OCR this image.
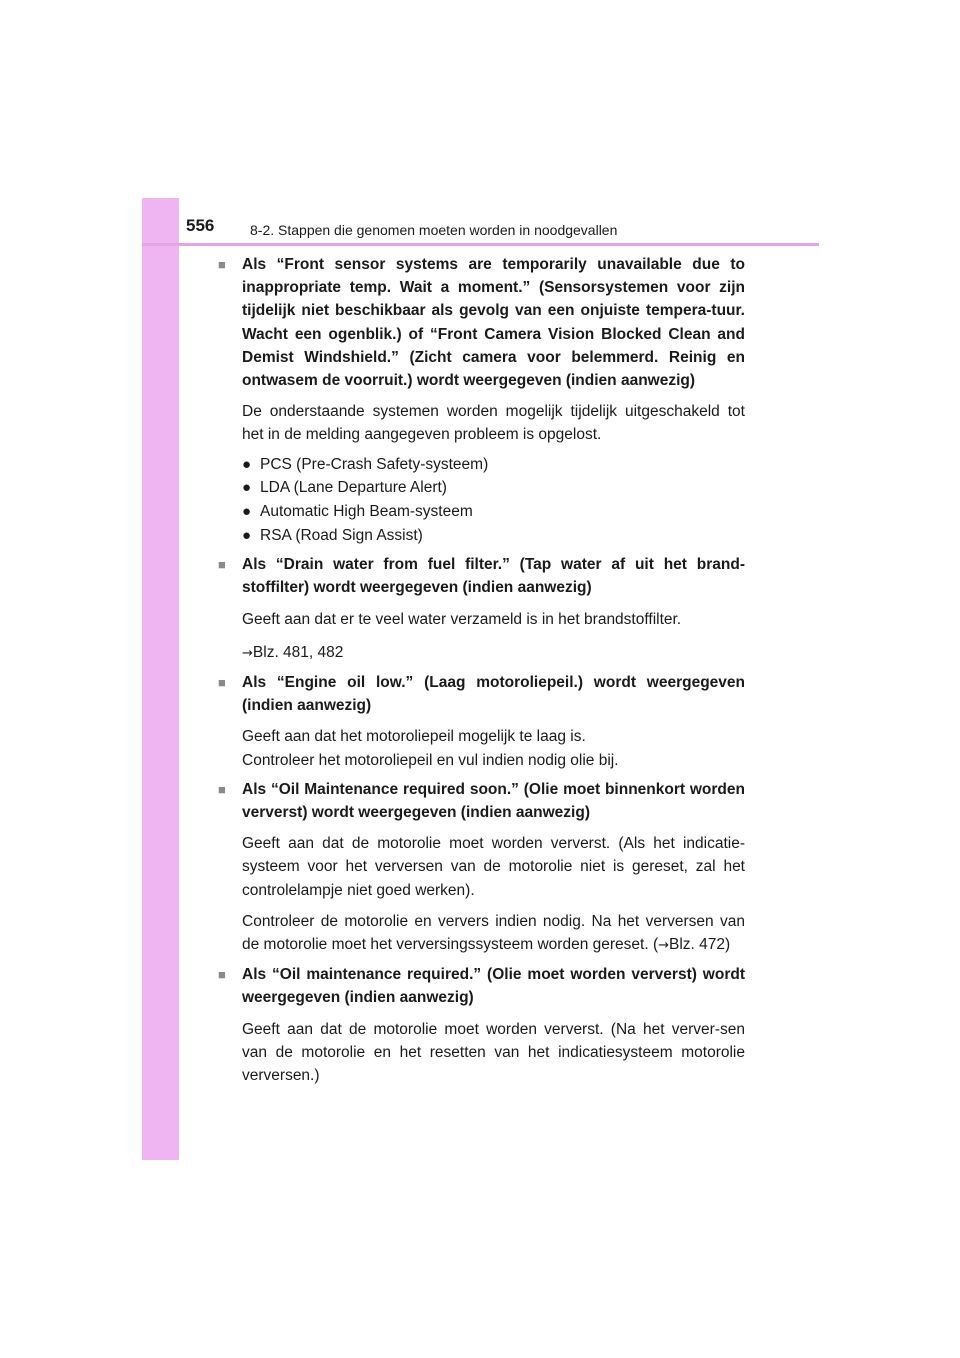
556	8-2. Stappen die genomen moeten worden in noodgevallen
■	Als “Front sensor systems are temporarily unavailable due to inappropriate temp. Wait a moment.” (Sensorsystemen voor zijn tijdelijk niet beschikbaar als gevolg van een onjuiste tempera-tuur. Wacht een ogenblik.) of “Front Camera Vision Blocked Clean and Demist Windshield.” (Zicht camera voor belemmerd. Reinig en ontwasem de voorruit.) wordt weergegeven (indien aanwezig)
De onderstaande systemen worden mogelijk tijdelijk uitgeschakeld tot het in de melding aangegeven probleem is opgelost.
● PCS (Pre-Crash Safety-systeem)
● LDA (Lane Departure Alert)
● Automatic High Beam-systeem
● RSA (Road Sign Assist)
■	Als “Drain water from fuel filter.” (Tap water af uit het brand-stoffilter) wordt weergegeven (indien aanwezig)
Geeft aan dat er te veel water verzameld is in het brandstoffilter.
→Blz. 481, 482
■	Als “Engine oil low.” (Laag motoroliepeil.) wordt weergegeven (indien aanwezig)
Geeft aan dat het motoroliepeil mogelijk te laag is.
Controleer het motoroliepeil en vul indien nodig olie bij.
■	Als “Oil Maintenance required soon.” (Olie moet binnenkort worden ververst) wordt weergegeven (indien aanwezig)
Geeft aan dat de motorolie moet worden ververst. (Als het indicatie-systeem voor het verversen van de motorolie niet is gereset, zal het controlelampje niet goed werken).
Controleer de motorolie en ververs indien nodig. Na het verversen van de motorolie moet het verversingssysteem worden gereset. (→Blz. 472)
■	Als “Oil maintenance required.” (Olie moet worden ververst) wordt weergegeven (indien aanwezig)
Geeft aan dat de motorolie moet worden ververst. (Na het verver-sen van de motorolie en het resetten van het indicatiesysteem motorolie verversen.)
